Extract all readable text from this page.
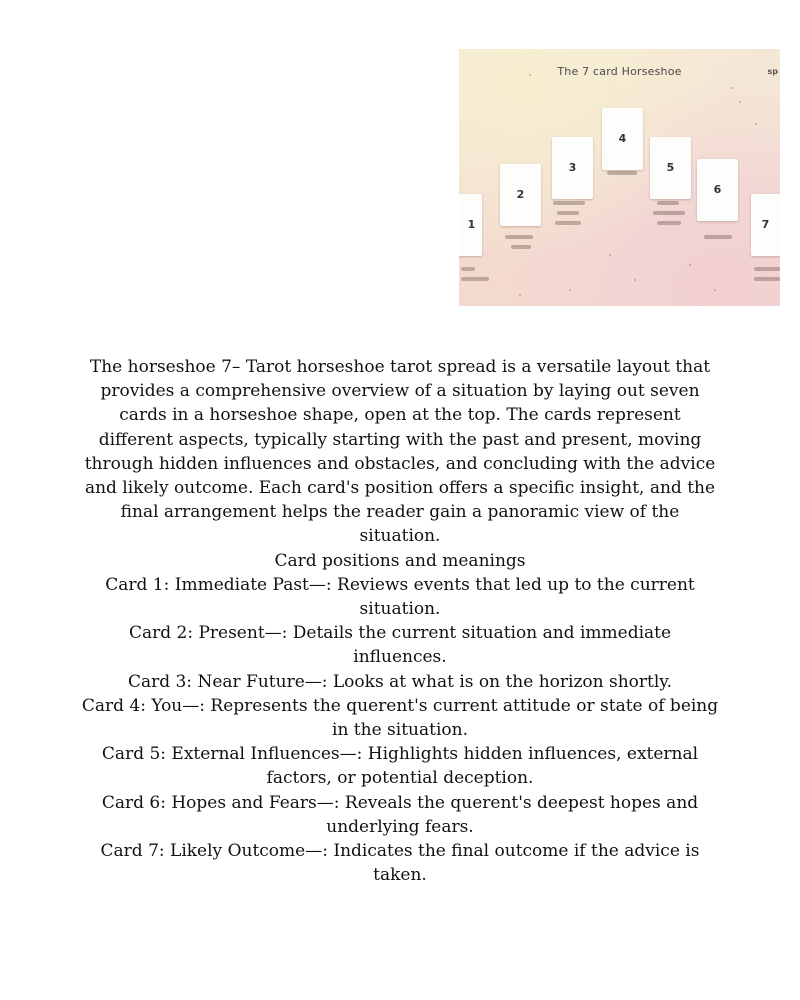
The 7 card Horseshoe	sp
1
2
3
4
5
6
7

The horseshoe 7– Tarot horseshoe tarot spread is a versatile layout that provides a comprehensive overview of a situation by laying out seven cards in a horseshoe shape, open at the top. The cards represent different aspects, typically starting with the past and present, moving through hidden influences and obstacles, and concluding with the advice and likely outcome. Each card's position offers a specific insight, and the final arrangement helps the reader gain a panoramic view of the situation.

Card positions and meanings

Card 1: Immediate Past—: Reviews events that led up to the current situation.

Card 2: Present—: Details the current situation and immediate influences.

Card 3: Near Future—: Looks at what is on the horizon shortly.

Card 4: You—: Represents the querent's current attitude or state of being in the situation.

Card 5: External Influences—: Highlights hidden influences, external factors, or potential deception.

Card 6: Hopes and Fears—: Reveals the querent's deepest hopes and underlying fears.

Card 7: Likely Outcome—: Indicates the final outcome if the advice is taken.
